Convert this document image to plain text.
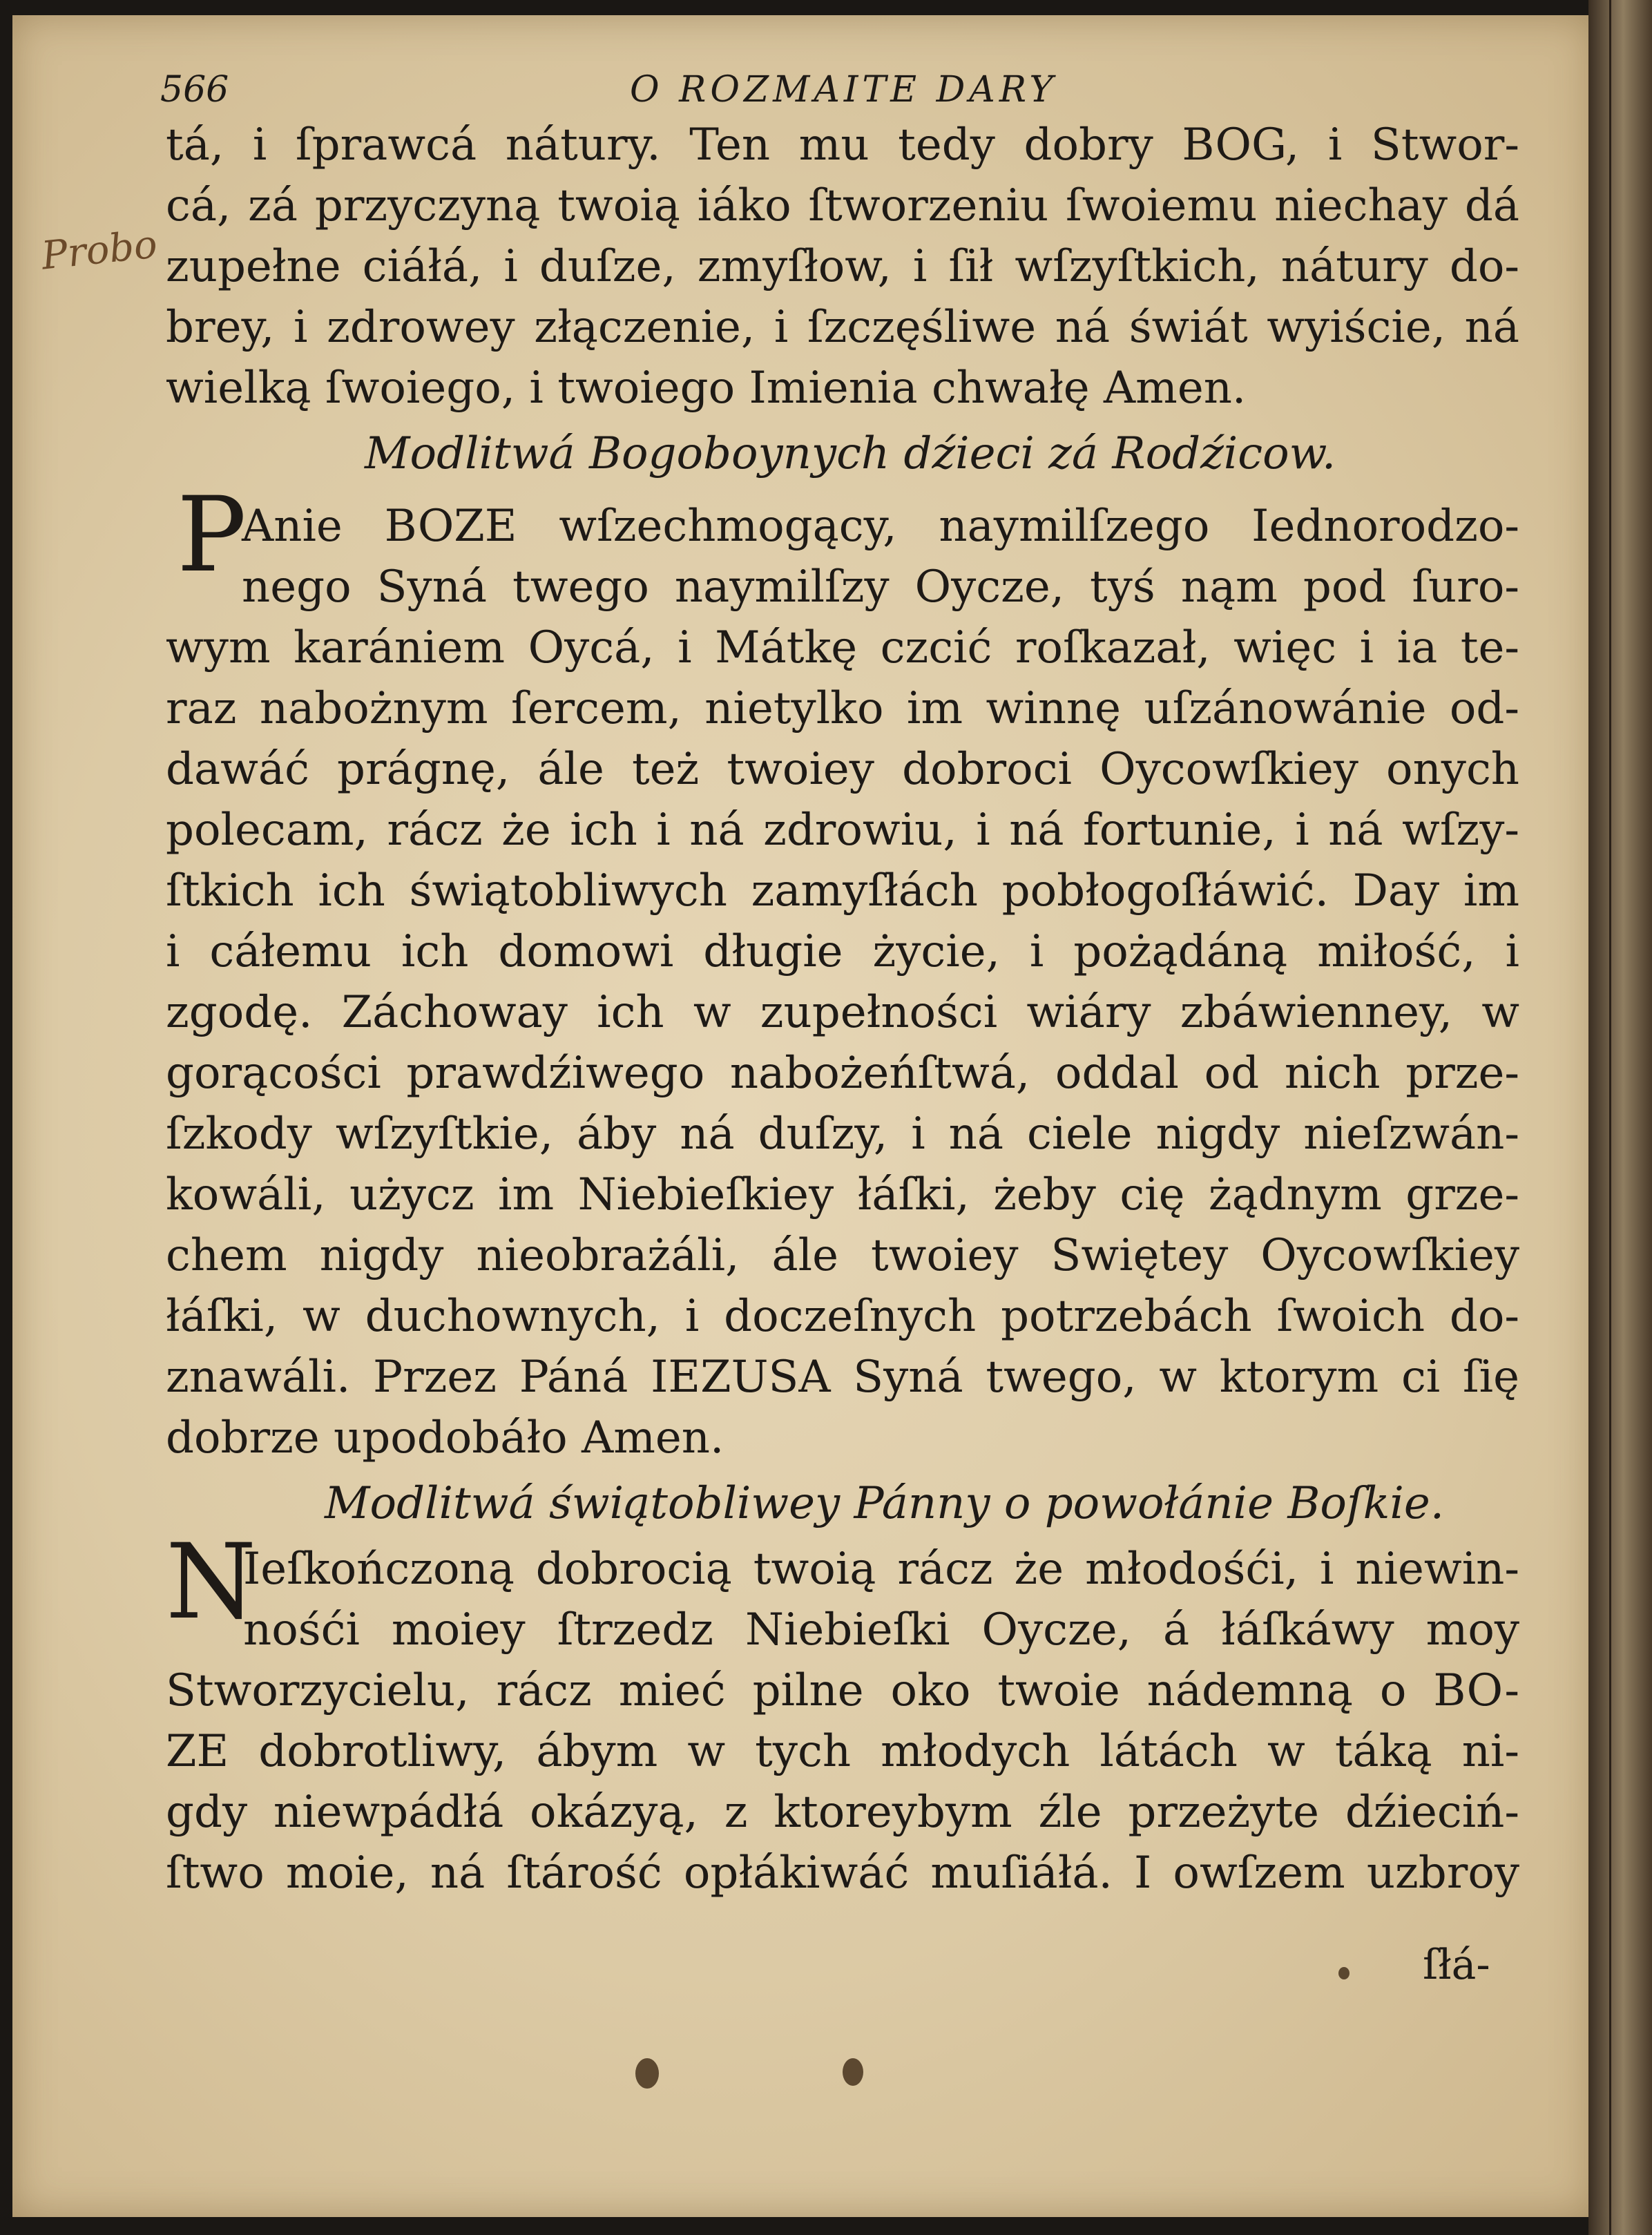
566	O ROZMAITE DARY
Probo
tá, i ſprawcá nátury. Ten mu tedy dobry BOG, i Stwor-
cá, zá przyczyną twoią iáko ſtworzeniu ſwoiemu niechay dá
zupełne ciáłá, i duſze, zmyſłow, i ſił wſzyſtkich, nátury do-
brey, i zdrowey złączenie, i ſzczęśliwe ná świát wyiście, ná
wielką ſwoiego, i twoiego Imienia chwałę Amen.
Modlitwá Bogoboynych dźieci zá Rodźicow.
P
Anie BOZE wſzechmogący, naymilſzego Iednorodzo-
nego Syná twego naymilſzy Oycze, tyś nąm pod ſuro-
wym karániem Oycá, i Mátkę czcić roſkazał, więc i ia te-
raz nabożnym ſercem, nietylko im winnę uſzánowánie od-
dawáć prágnę, ále też twoiey dobroci Oycowſkiey onych
polecam, rácz że ich i ná zdrowiu, i ná fortunie, i ná wſzy-
ſtkich ich świątobliwych zamyſłách pobłogoſłáwić. Day im
i cáłemu ich domowi długie życie, i pożądáną miłość, i
zgodę. Záchoway ich w zupełności wiáry zbáwienney, w
gorącości prawdźiwego nabożeńſtwá, oddal od nich prze-
ſzkody wſzyſtkie, áby ná duſzy, i ná ciele nigdy nieſzwán-
kowáli, użycz im Niebieſkiey łáſki, żeby cię żądnym grze-
chem nigdy nieobrażáli, ále twoiey Swiętey Oycowſkiey
łáſki, w duchownych, i doczeſnych potrzebách ſwoich do-
znawáli. Przez Páná IEZUSA Syná twego, w ktorym ci ſię
dobrze upodobáło Amen.
Modlitwá świątobliwey Pánny o powołánie Boſkie.
N
Ieſkończoną dobrocią twoią rácz że młodośći, i niewin-
nośći moiey ſtrzedz Niebieſki Oycze, á łáſkáwy moy
Stworzycielu, rácz mieć pilne oko twoie nádemną o BO-
ZE dobrotliwy, ábym w tych młodych látách w táką ni-
gdy niewpádłá okázyą, z ktoreybym źle przeżyte dźieciń-
ſtwo moie, ná ſtárość opłákiwáć muſiáłá. I owſzem uzbroy
ſłá-
